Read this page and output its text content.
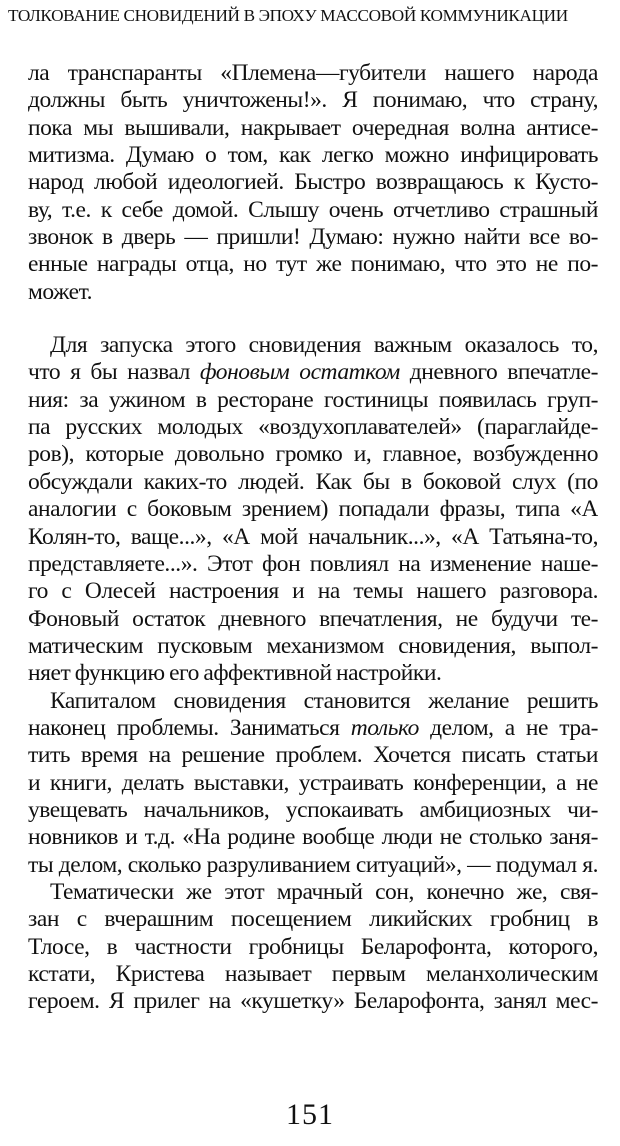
ТОЛКОВАНИЕ СНОВИДЕНИЙ В ЭПОХУ МАССОВОЙ КОММУНИКАЦИИ
ла транспаранты «Племена—губители нашего народа
должны быть уничтожены!». Я понимаю, что страну,
пока мы вышивали, накрывает очередная волна антисе-
митизма. Думаю о том, как легко можно инфицировать
народ любой идеологией. Быстро возвращаюсь к Кусто-
ву, т.е. к себе домой. Слышу очень отчетливо страшный
звонок в дверь — пришли! Думаю: нужно найти все во-
енные награды отца, но тут же понимаю, что это не по-
может.
Для запуска этого сновидения важным оказалось то,
что я бы назвал фоновым остатком дневного впечатле-
ния: за ужином в ресторане гостиницы появилась груп-
па русских молодых «воздухоплавателей» (параглайде-
ров), которые довольно громко и, главное, возбужденно
обсуждали каких-то людей. Как бы в боковой слух (по
аналогии с боковым зрением) попадали фразы, типа «А
Колян-то, ваще...», «А мой начальник...», «А Татьяна-то,
представляете...». Этот фон повлиял на изменение наше-
го с Олесей настроения и на темы нашего разговора.
Фоновый остаток дневного впечатления, не будучи те-
матическим пусковым механизмом сновидения, выпол-
няет функцию его аффективной настройки.
Капиталом сновидения становится желание решить
наконец проблемы. Заниматься только делом, а не тра-
тить время на решение проблем. Хочется писать статьи
и книги, делать выставки, устраивать конференции, а не
увещевать начальников, успокаивать амбициозных чи-
новников и т.д. «На родине вообще люди не столько заня-
ты делом, сколько разруливанием ситуаций», — подумал я.
Тематически же этот мрачный сон, конечно же, свя-
зан с вчерашним посещением ликийских гробниц в
Тлосе, в частности гробницы Беларофонта, которого,
кстати, Кристева называет первым меланхолическим
героем. Я прилег на «кушетку» Беларофонта, занял мес-
151
